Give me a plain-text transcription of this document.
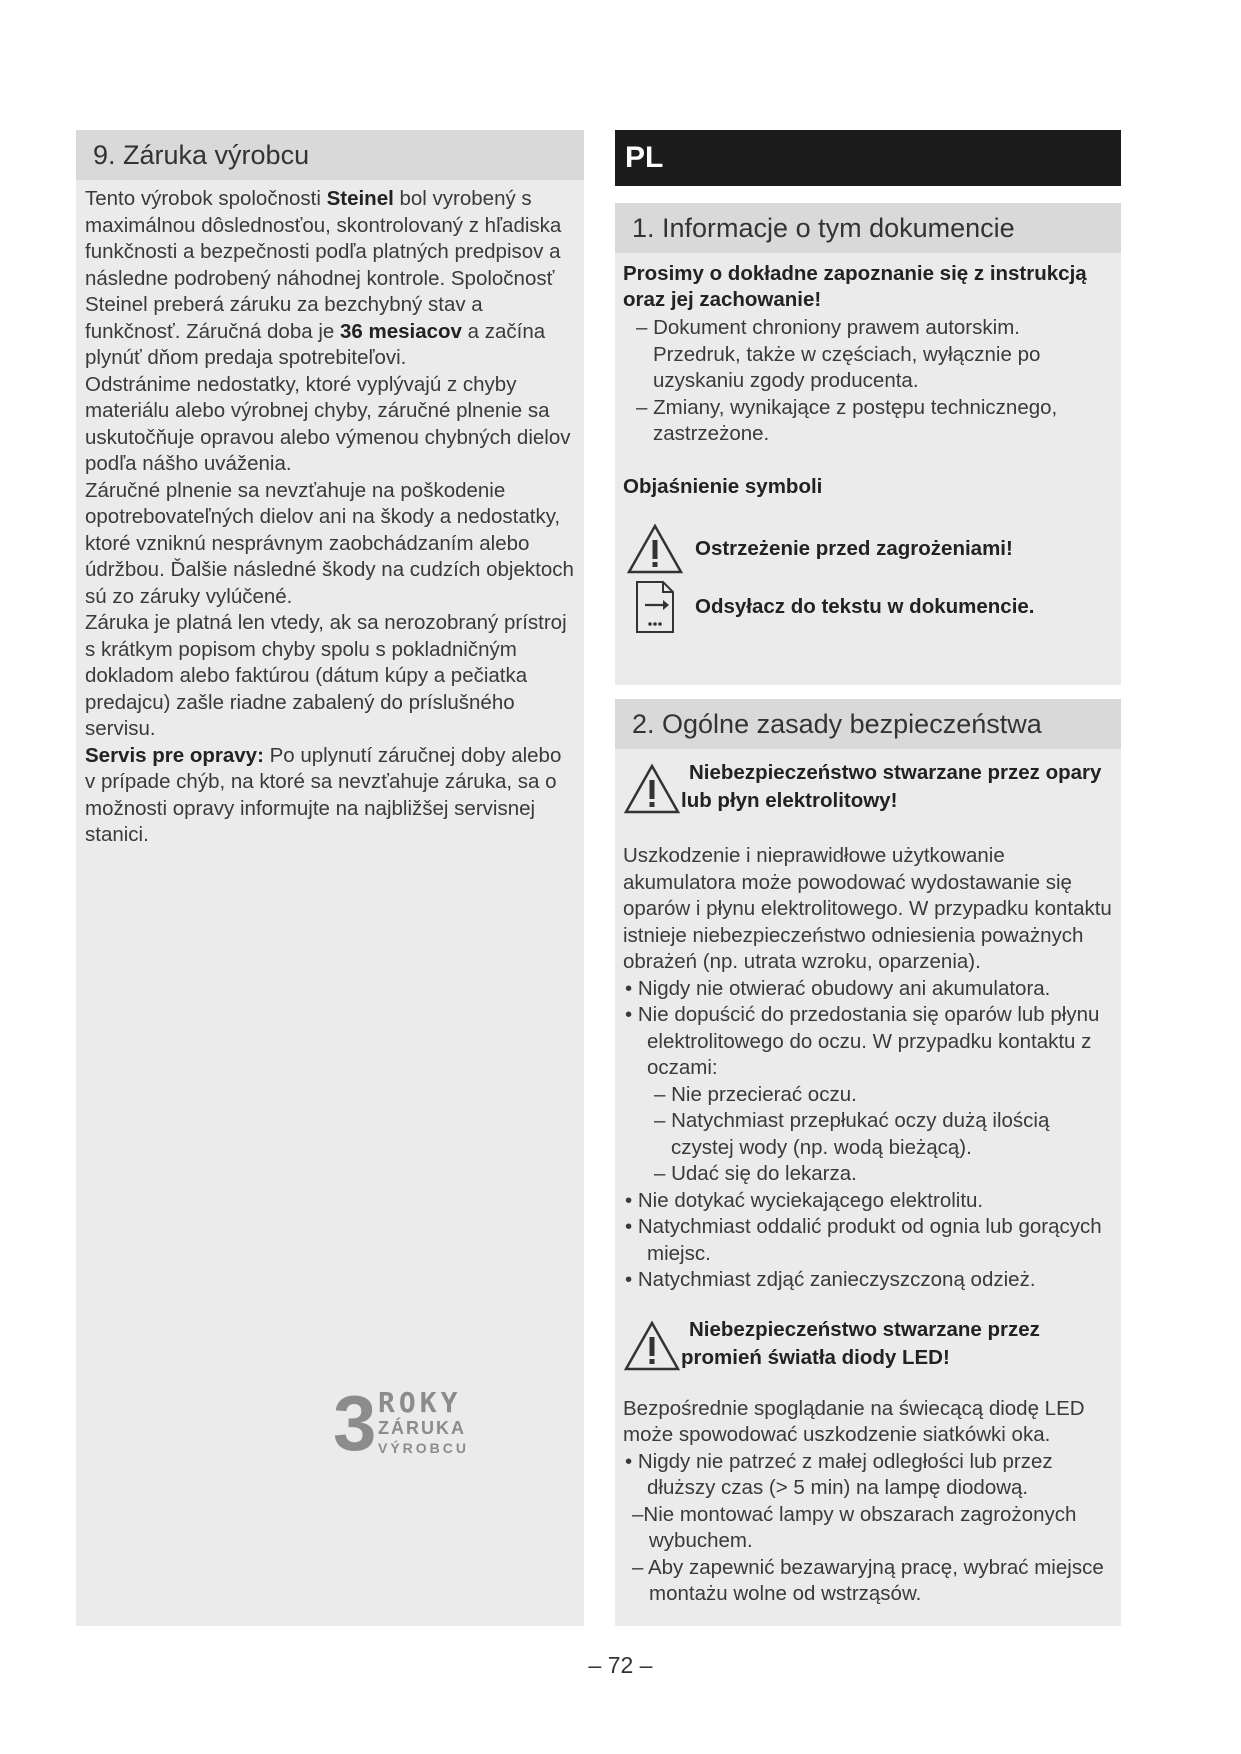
9. Záruka výrobcu

Tento výrobok spoločnosti Steinel bol vyrobený s maximálnou dôslednosťou, skontrolovaný z hľadiska funkčnosti a bezpečnosti podľa platných predpisov a následne podrobený náhodnej kontrole. Spoločnosť Steinel preberá záruku za bezchybný stav a funkčnosť. Záručná doba je 36 mesiacov a začína plynúť dňom predaja spotrebiteľovi.

Odstránime nedostatky, ktoré vyplývajú z chyby materiálu alebo výrobnej chyby, záručné plnenie sa uskutočňuje opravou alebo výmenou chybných dielov podľa nášho uváženia.

Záručné plnenie sa nevzťahuje na poškodenie opotrebovateľných dielov ani na škody a nedostatky, ktoré vzniknú nesprávnym zaobchádzaním alebo údržbou. Ďalšie následné škody na cudzích objektoch sú zo záruky vylúčené.

Záruka je platná len vtedy, ak sa nerozobraný prístroj s krátkym popisom chyby spolu s pokladničným dokladom alebo faktúrou (dátum kúpy a pečiatka predajcu) zašle riadne zabalený do príslušného servisu.

Servis pre opravy: Po uplynutí záručnej doby alebo v prípade chýb, na ktoré sa nevzťahuje záruka, sa o možnosti opravy informujte na najbližšej servisnej stanici.

3 ROKY
ZÁRUKA
VÝROBCU
PL
1. Informacje o tym dokumencie

Prosimy o dokładne zapoznanie się z instrukcją oraz jej zachowanie!

– Dokument chroniony prawem autorskim. Przedruk, także w częściach, wyłącznie po uzyskaniu zgody producenta.

– Zmiany, wynikające z postępu technicznego, zastrzeżone.

Objaśnienie symboli

Ostrzeżenie przed zagrożeniami!
Odsyłacz do tekstu w dokumencie.
2. Ogólne zasady bezpieczeństwa
Niebezpieczeństwo stwarzane przez opary lub płyn elektrolitowy!

Uszkodzenie i nieprawidłowe użytkowanie akumulatora może powodować wydostawanie się oparów i płynu elektrolitowego. W przypadku kontaktu istnieje niebezpieczeństwo odniesienia poważnych obrażeń (np. utrata wzroku, oparzenia).

• Nigdy nie otwierać obudowy ani akumulatora.

• Nie dopuścić do przedostania się oparów lub płynu elektrolitowego do oczu. W przypadku kontaktu z oczami:

– Nie przecierać oczu.

– Natychmiast przepłukać oczy dużą ilością czystej wody (np. wodą bieżącą).

– Udać się do lekarza.

• Nie dotykać wyciekającego elektrolitu.

• Natychmiast oddalić produkt od ognia lub gorących miejsc.

• Natychmiast zdjąć zanieczyszczoną odzież.

Niebezpieczeństwo stwarzane przez promień światła diody LED!

Bezpośrednie spoglądanie na świecącą diodę LED może spowodować uszkodzenie siatkówki oka.

• Nigdy nie patrzeć z małej odległości lub przez dłuższy czas (> 5 min) na lampę diodową.

–Nie montować lampy w obszarach zagrożonych wybuchem.

– Aby zapewnić bezawaryjną pracę, wybrać miejsce montażu wolne od wstrząsów.

– 72 –
